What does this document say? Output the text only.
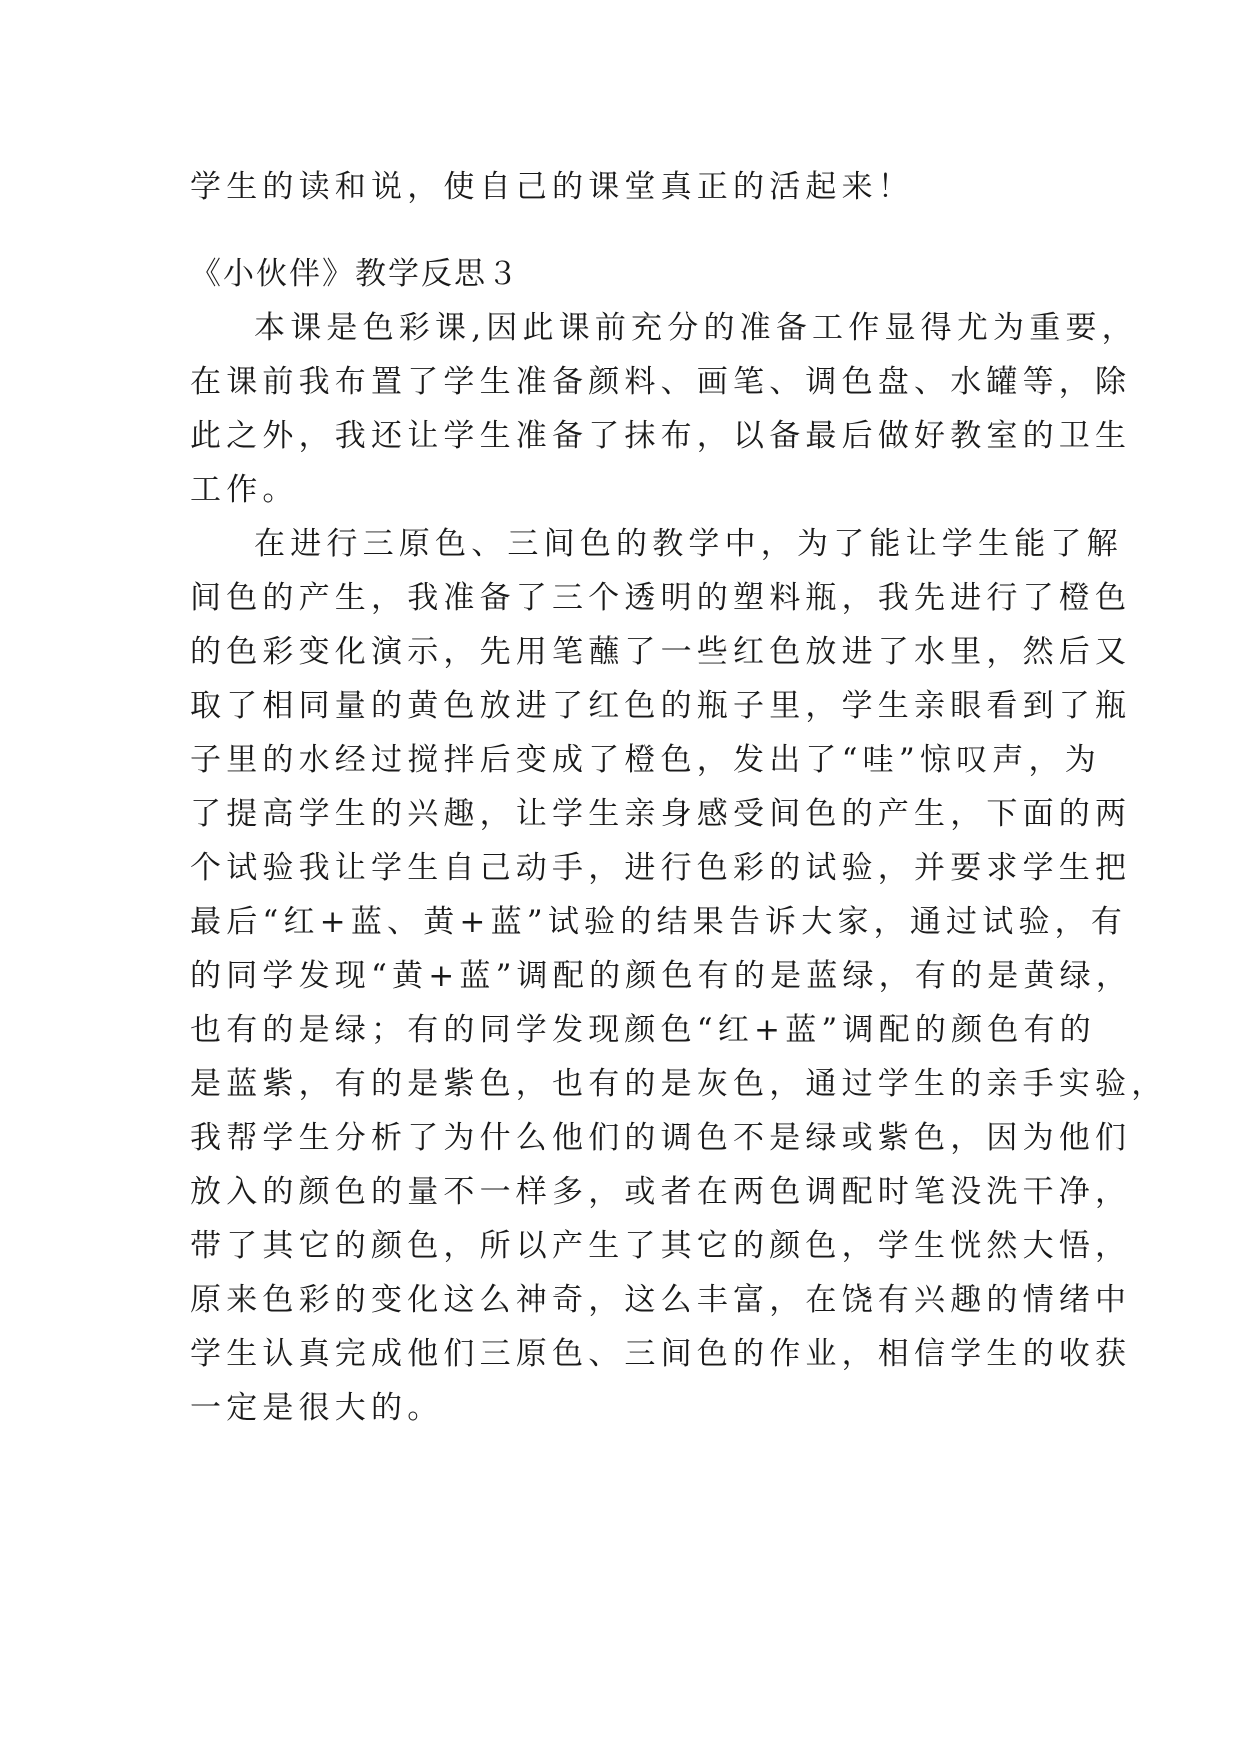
学生的读和说，使自己的课堂真正的活起来！

《小伙伴》教学反思３

本课是色彩课,因此课前充分的准备工作显得尤为重要，

在课前我布置了学生准备颜料、画笔、调色盘、水罐等，除

此之外，我还让学生准备了抹布，以备最后做好教室的卫生

工作。

在进行三原色、三间色的教学中，为了能让学生能了解

间色的产生，我准备了三个透明的塑料瓶，我先进行了橙色

的色彩变化演示，先用笔蘸了一些红色放进了水里，然后又

取了相同量的黄色放进了红色的瓶子里，学生亲眼看到了瓶

子里的水经过搅拌后变成了橙色，发出了“哇”惊叹声，为

了提高学生的兴趣，让学生亲身感受间色的产生，下面的两

个试验我让学生自己动手，进行色彩的试验，并要求学生把

最后“红+蓝、黄+蓝”试验的结果告诉大家，通过试验，有

的同学发现“黄+蓝”调配的颜色有的是蓝绿，有的是黄绿，

也有的是绿；有的同学发现颜色“红+蓝”调配的颜色有的

是蓝紫，有的是紫色，也有的是灰色，通过学生的亲手实验，

我帮学生分析了为什么他们的调色不是绿或紫色，因为他们

放入的颜色的量不一样多，或者在两色调配时笔没洗干净，

带了其它的颜色，所以产生了其它的颜色，学生恍然大悟，

原来色彩的变化这么神奇，这么丰富，在饶有兴趣的情绪中

学生认真完成他们三原色、三间色的作业，相信学生的收获

一定是很大的。
